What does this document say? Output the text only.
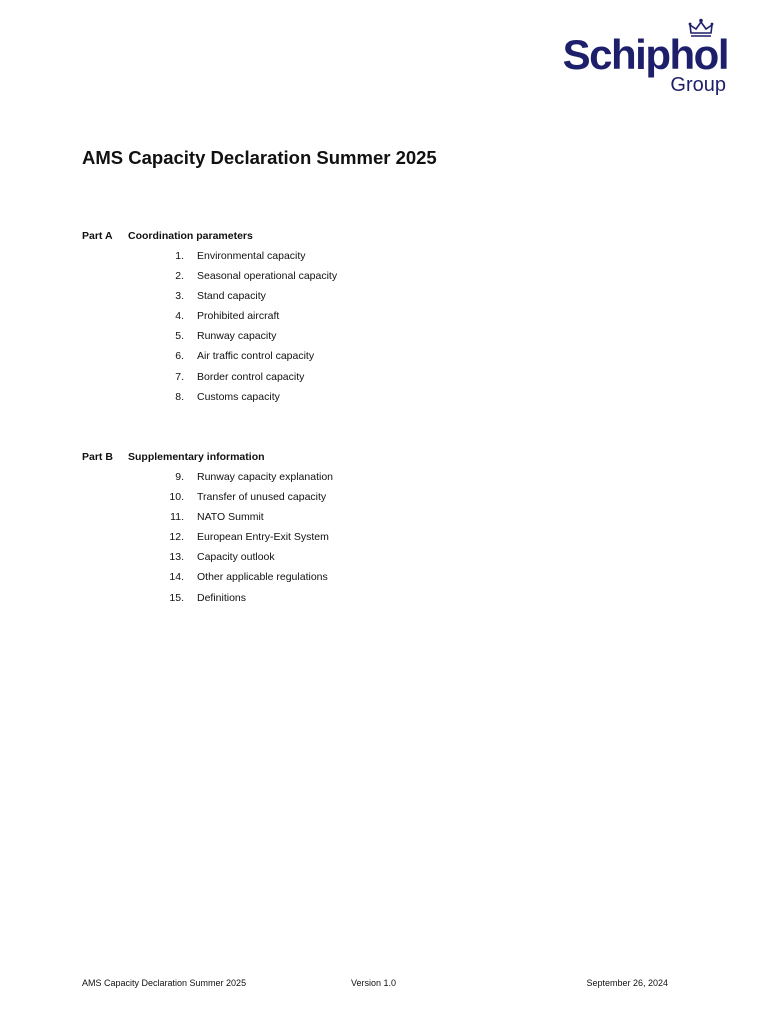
Schiphol
Group
AMS Capacity Declaration Summer 2025
Part A Coordination parameters
1. Environmental capacity
2. Seasonal operational capacity
3. Stand capacity
4. Prohibited aircraft
5. Runway capacity
6. Air traffic control capacity
7. Border control capacity
8. Customs capacity
Part B Supplementary information
9. Runway capacity explanation
10. Transfer of unused capacity
11. NATO Summit
12. European Entry-Exit System
13. Capacity outlook
14. Other applicable regulations
15. Definitions
AMS Capacity Declaration Summer 2025	Version 1.0	September 26, 2024
